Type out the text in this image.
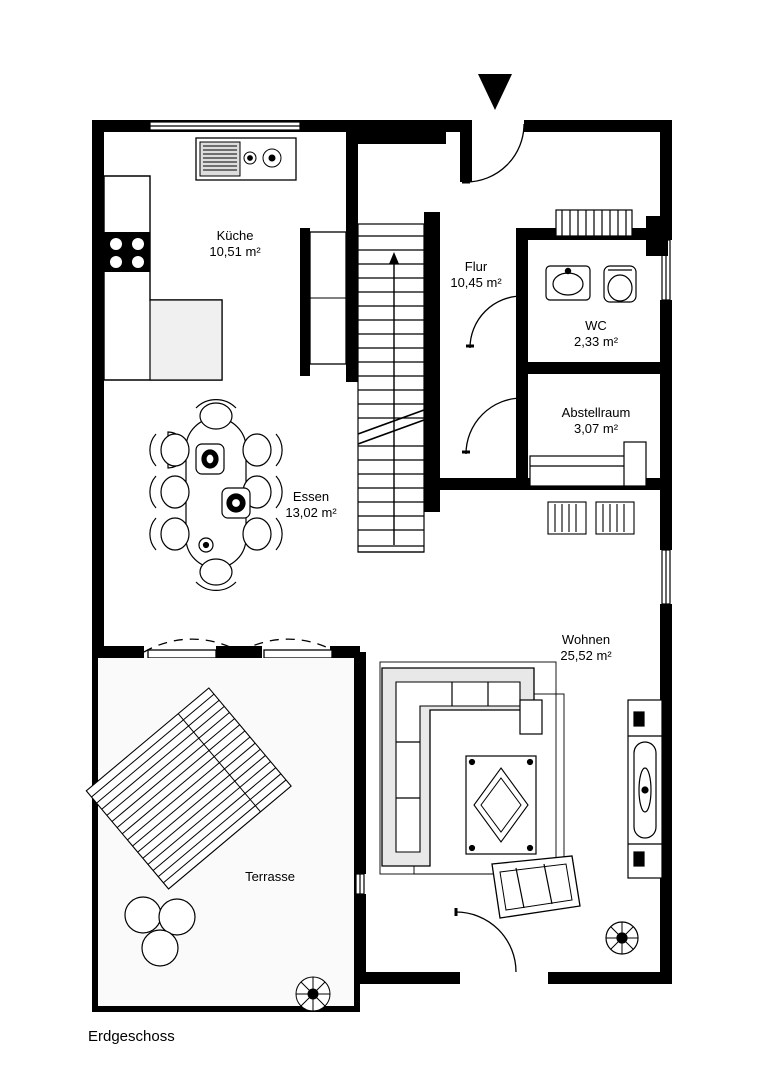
Küche
10,51 m²
Flur
10,45 m²
WC
2,33 m²
Abstellraum
3,07 m²
Essen
13,02 m²
Wohnen
25,52 m²
Terrasse
Erdgeschoss
